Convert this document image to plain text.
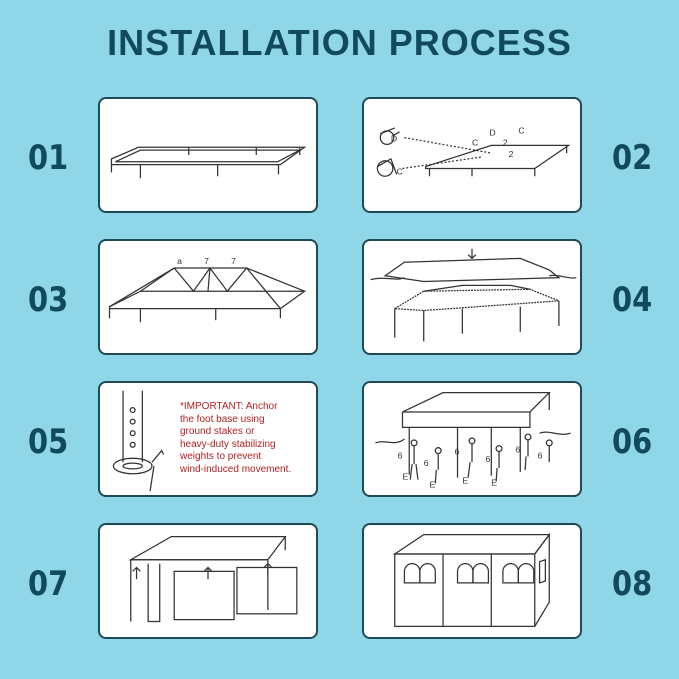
INSTALLATION PROCESS
01	02
D
C
D
C	2
2
C
03
a 7 7
04
05
*IMPORTANT: Anchor
the foot base using
ground stakes or
heavy-duty stabilizing
weights to prevent
wind-induced movement.
06
6
6
6
6
6
6
E
E	E	E
07	08
